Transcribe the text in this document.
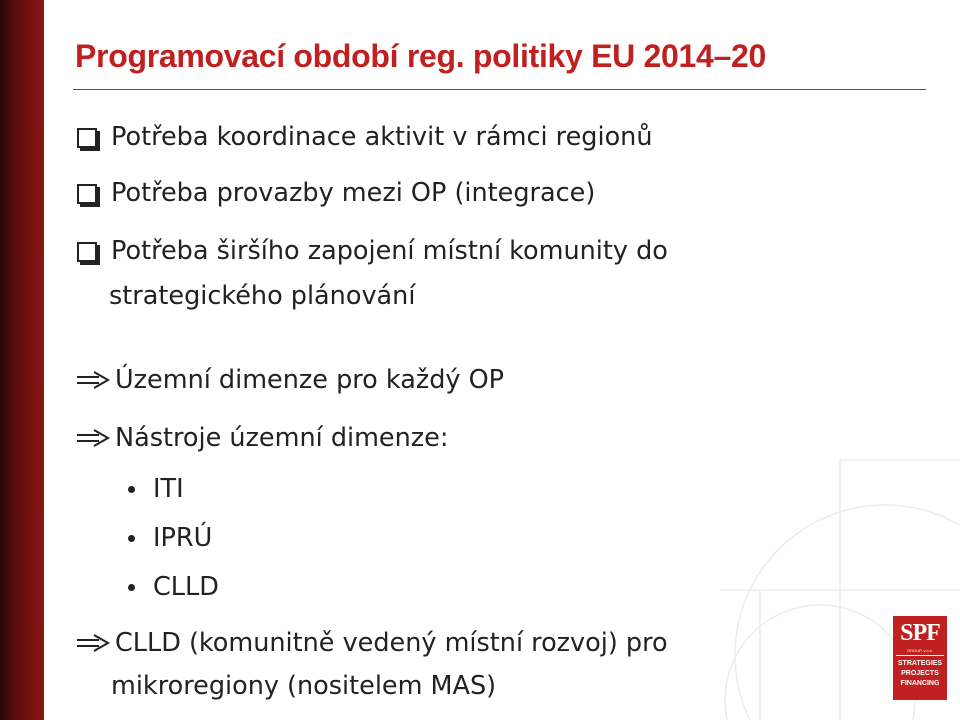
Programovací období reg. politiky EU 2014–20
Potřeba koordinace aktivit v rámci regionů
Potřeba provazby mezi OP (integrace)
Potřeba širšího zapojení místní komunity do
strategického plánování
Územní dimenze pro každý OP
Nástroje územní dimenze:
ITI
IPRÚ
CLLD
CLLD (komunitně vedený místní rozvoj) pro
mikroregiony (nositelem MAS)
SPF
GROUP, v.o.s.
STRATEGIES
PROJECTS
FINANCING
